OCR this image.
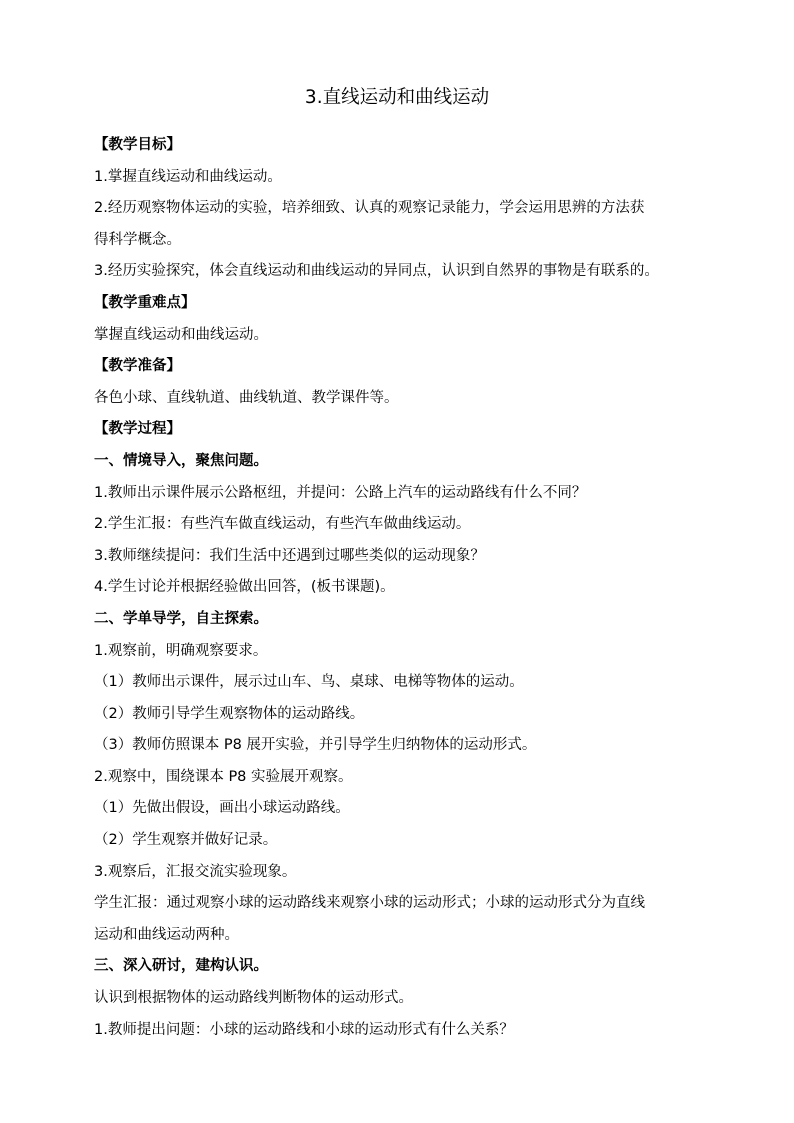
3.直线运动和曲线运动
【教学目标】
1.掌握直线运动和曲线运动。
2.经历观察物体运动的实验，培养细致、认真的观察记录能力，学会运用思辨的方法获
得科学概念。
3.经历实验探究，体会直线运动和曲线运动的异同点，认识到自然界的事物是有联系的。
【教学重难点】
掌握直线运动和曲线运动。
【教学准备】
各色小球、直线轨道、曲线轨道、教学课件等。
【教学过程】
一、情境导入，聚焦问题。
1.教师出示课件展示公路枢纽，并提问：公路上汽车的运动路线有什么不同？
2.学生汇报：有些汽车做直线运动，有些汽车做曲线运动。
3.教师继续提问：我们生活中还遇到过哪些类似的运动现象？
4.学生讨论并根据经验做出回答，(板书课题)。
二、学单导学，自主探索。
1.观察前，明确观察要求。
（1）教师出示课件，展示过山车、鸟、桌球、电梯等物体的运动。
（2）教师引导学生观察物体的运动路线。
（3）教师仿照课本 P8 展开实验，并引导学生归纳物体的运动形式。
2.观察中，围绕课本 P8 实验展开观察。
（1）先做出假设，画出小球运动路线。
（2）学生观察并做好记录。
3.观察后，汇报交流实验现象。
学生汇报：通过观察小球的运动路线来观察小球的运动形式；小球的运动形式分为直线
运动和曲线运动两种。
三、深入研讨，建构认识。
认识到根据物体的运动路线判断物体的运动形式。
1.教师提出问题：小球的运动路线和小球的运动形式有什么关系？
